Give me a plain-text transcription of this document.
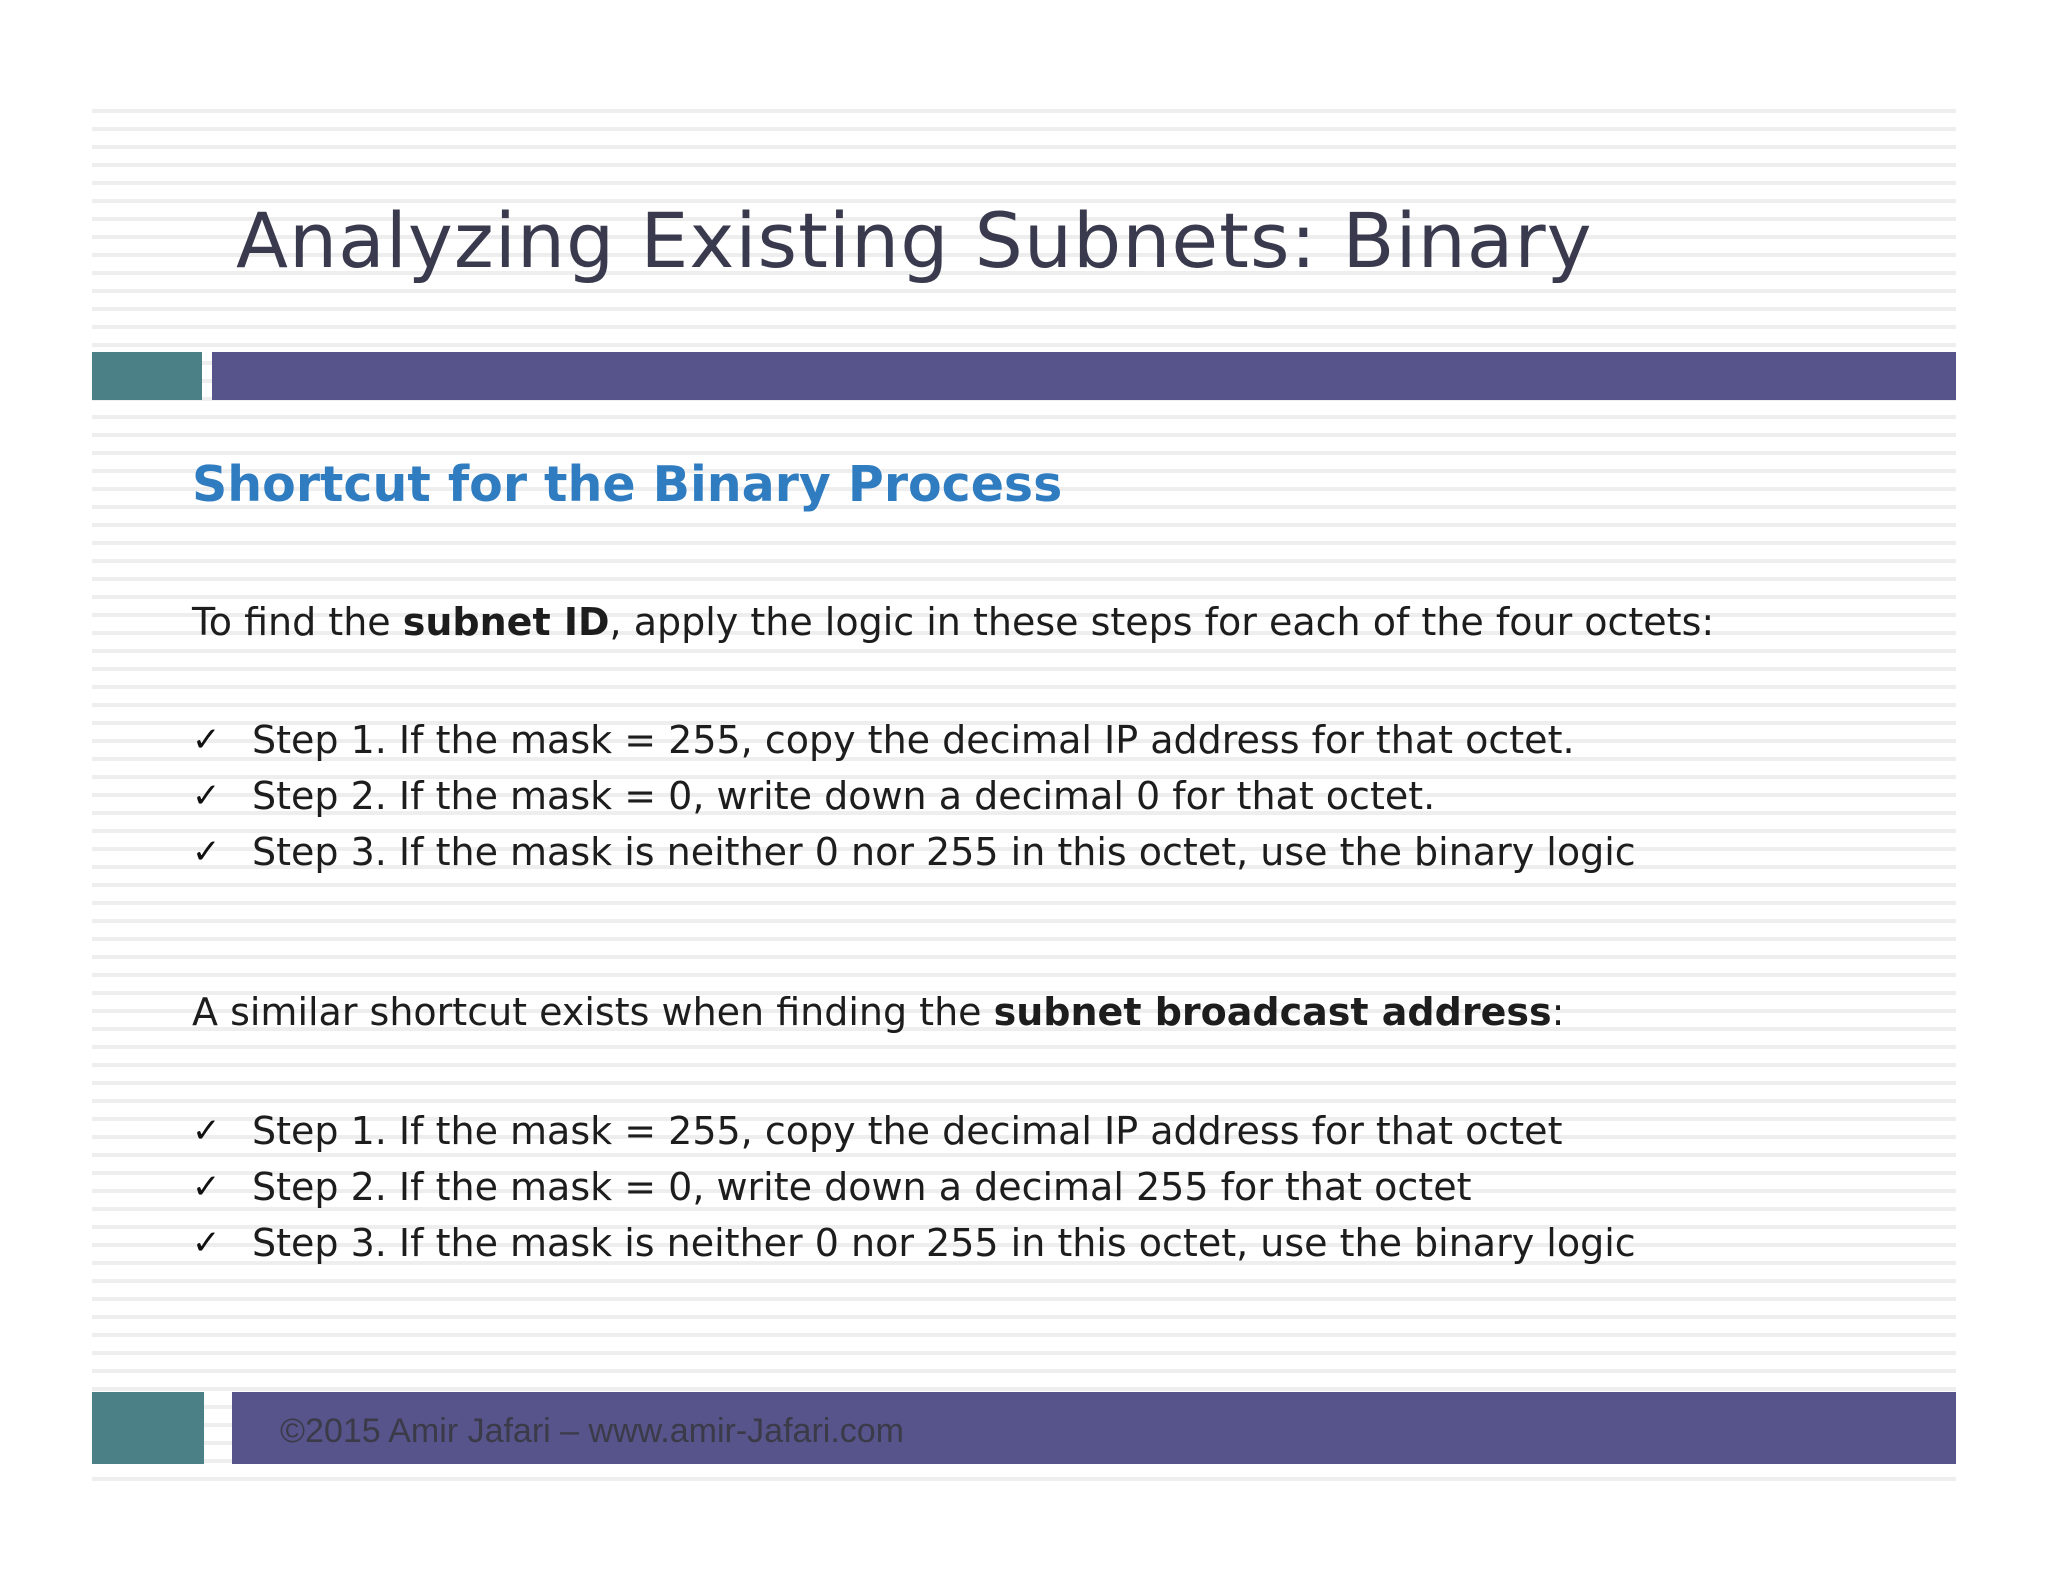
Analyzing Existing Subnets: Binary
Shortcut for the Binary Process

To find the subnet ID, apply the logic in these steps for each of the four octets:

✓ Step 1. If the mask = 255, copy the decimal IP address for that octet.
✓ Step 2. If the mask = 0, write down a decimal 0 for that octet.
✓ Step 3. If the mask is neither 0 nor 255 in this octet, use the binary logic

A similar shortcut exists when finding the subnet broadcast address:

✓ Step 1. If the mask = 255, copy the decimal IP address for that octet
✓ Step 2. If the mask = 0, write down a decimal 255 for that octet
✓ Step 3. If the mask is neither 0 nor 255 in this octet, use the binary logic
©2015 Amir Jafari – www.amir-Jafari.com
